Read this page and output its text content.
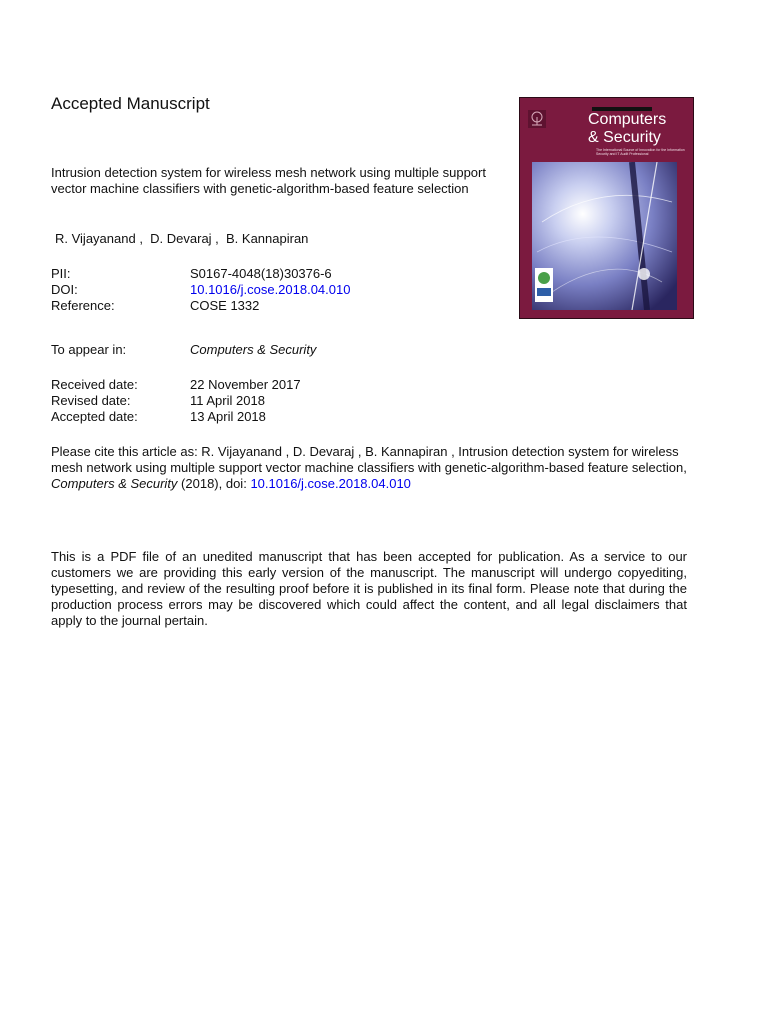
Accepted Manuscript
Intrusion detection system for wireless mesh network using multiple support vector machine classifiers with genetic-algorithm-based feature selection
R. Vijayanand ,  D. Devaraj ,  B. Kannapiran
PII:	S0167-4048(18)30376-6
DOI:	10.1016/j.cose.2018.04.010
Reference:	COSE 1332
To appear in:	Computers & Security
Received date:	22 November 2017
Revised date:	11 April 2018
Accepted date:	13 April 2018
Please cite this article as: R. Vijayanand , D. Devaraj , B. Kannapiran , Intrusion detection system for wireless mesh network using multiple support vector machine classifiers with genetic-algorithm-based feature selection, Computers & Security (2018), doi: 10.1016/j.cose.2018.04.010
This is a PDF file of an unedited manuscript that has been accepted for publication. As a service to our customers we are providing this early version of the manuscript. The manuscript will undergo copyediting, typesetting, and review of the resulting proof before it is published in its final form. Please note that during the production process errors may be discovered which could affect the content, and all legal disclaimers that apply to the journal pertain.
Computers
& Security
The International Source of Innovation for the Information Security and IT Audit Professional
